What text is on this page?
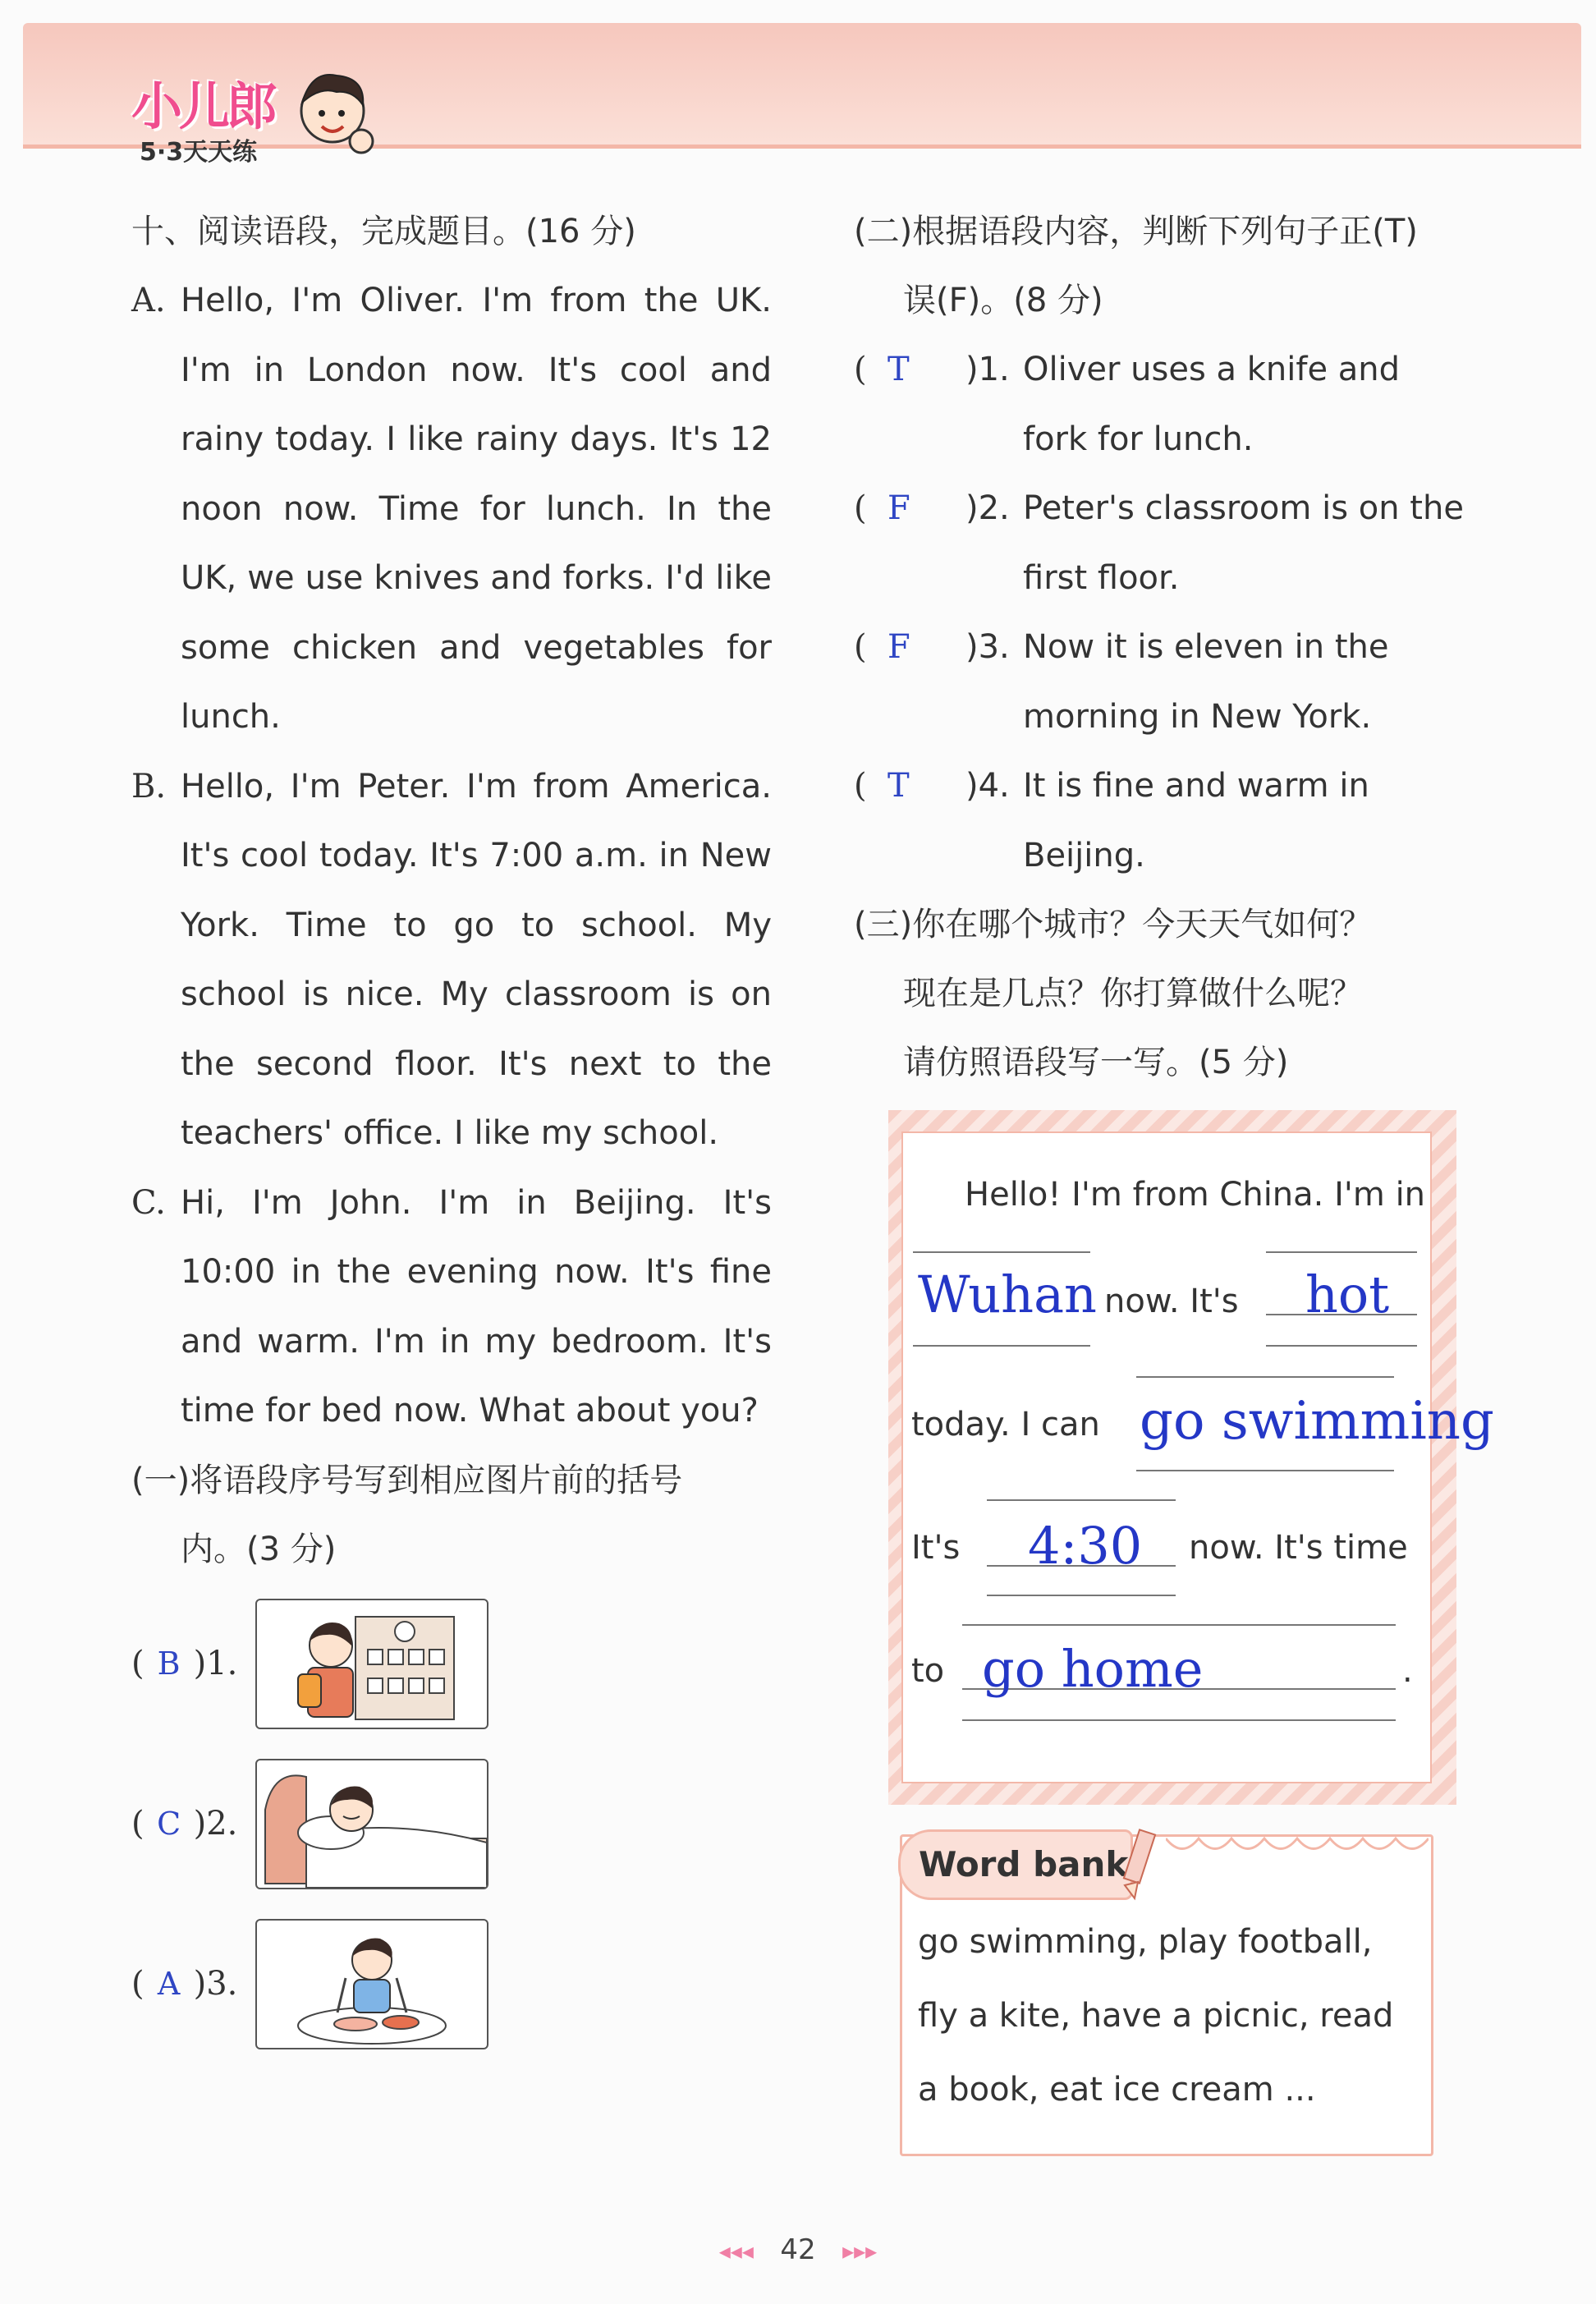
小儿郎
5·3天天练
十、阅读语段，完成题目。(16 分)
A. Hello, I'm Oliver. I'm from the UK. I'm in London now. It's cool and rainy today. I like rainy days. It's 12 noon now. Time for lunch. In the UK, we use knives and forks. I'd like some chicken and vegetables for lunch.
B. Hello, I'm Peter. I'm from America. It's cool today. It's 7:00 a.m. in New York. Time to go to school. My school is nice. My classroom is on the second floor. It's next to the teachers' office. I like my school.
C. Hi, I'm John. I'm in Beijing. It's 10:00 in the evening now. It's fine and warm. I'm in my bedroom. It's time for bed now. What about you?
(一)将语段序号写到相应图片前的括号
内。(3 分)
( B )1.
( C )2.
( A )3.
(二)根据语段内容，判断下列句子正(T)
误(F)。(8 分)
(  T	)1. Oliver uses a knife and
fork for lunch.
(  F	)2. Peter's classroom is on the
first floor.
(  F	)3. Now it is eleven in the
morning in New York.
(  T	)4. It is fine and warm in
Beijing.
(三)你在哪个城市？今天天气如何？
现在是几点？你打算做什么呢？
请仿照语段写一写。(5 分)
Hello! I'm from China. I'm in
Wuhan now. It's hot
today. I can go swimming
It's 4:30 now. It's time
to go home	.
Word bank
go swimming, play football,
fly a kite, have a picnic, read
a book, eat ice cream ...
◂◂◂ 42 ▸▸▸
